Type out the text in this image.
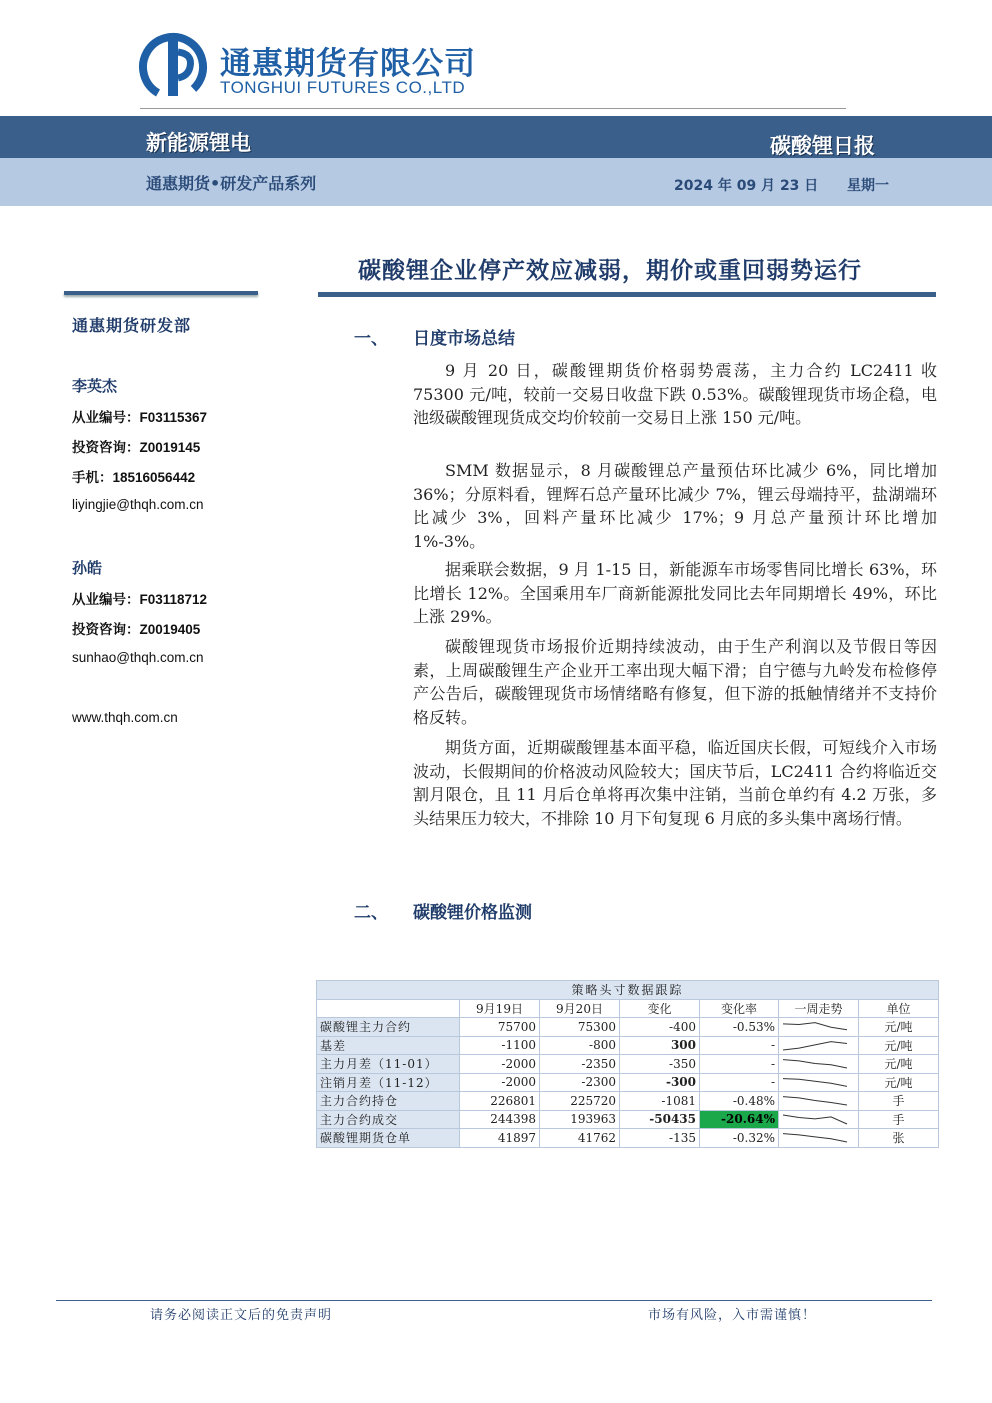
通惠期货有限公司
TONGHUI FUTURES CO.,LTD
新能源锂电	碳酸锂日报
通惠期货•研发产品系列	2024 年 09 月 23 日 星期一
碳酸锂企业停产效应减弱，期价或重回弱势运行
通惠期货研发部
李英杰
从业编号：F03115367
投资咨询：Z0019145
手机：18516056442
liyingjie@thqh.com.cn
孙皓
从业编号：F03118712
投资咨询：Z0019405
sunhao@thqh.com.cn
www.thqh.com.cn
一、 日度市场总结

9 月 20 日，碳酸锂期货价格弱势震荡，主力合约 LC2411 收 75300 元/吨，较前一交易日收盘下跌 0.53%。碳酸锂现货市场企稳，电池级碳酸锂现货成交均价较前一交易日上涨 150 元/吨。

SMM 数据显示，8 月碳酸锂总产量预估环比减少 6%，同比增加 36%；分原料看，锂辉石总产量环比减少 7%，锂云母端持平，盐湖端环比减少 3%，回料产量环比减少 17%；9 月总产量预计环比增加 1%-3%。

据乘联会数据，9 月 1-15 日，新能源车市场零售同比增长 63%，环比增长 12%。全国乘用车厂商新能源批发同比去年同期增长 49%，环比上涨 29%。

碳酸锂现货市场报价近期持续波动，由于生产利润以及节假日等因素，上周碳酸锂生产企业开工率出现大幅下滑；自宁德与九岭发布检修停产公告后，碳酸锂现货市场情绪略有修复，但下游的抵触情绪并不支持价格反转。

期货方面，近期碳酸锂基本面平稳，临近国庆长假，可短线介入市场波动，长假期间的价格波动风险较大；国庆节后，LC2411 合约将临近交割月限仓，且 11 月后仓单将再次集中注销，当前仓单约有 4.2 万张，多头结果压力较大，不排除 10 月下旬复现 6 月底的多头集中离场行情。

二、 碳酸锂价格监测
策略头寸数据跟踪						
	9月19日	9月20日	变化	变化率	一周走势	单位
碳酸锂主力合约	75700	75300	-400	-0.53%		元/吨
基差	-1100	-800	300	-		元/吨
主力月差（11-01）	-2000	-2350	-350	-		元/吨
注销月差（11-12）	-2000	-2300	-300	-		元/吨
主力合约持仓	226801	225720	-1081	-0.48%		手
主力合约成交	244398	193963	-50435	-20.64%		手
碳酸锂期货仓单	41897	41762	-135	-0.32%		张
请务必阅读正文后的免责声明	市场有风险，入市需谨慎！
